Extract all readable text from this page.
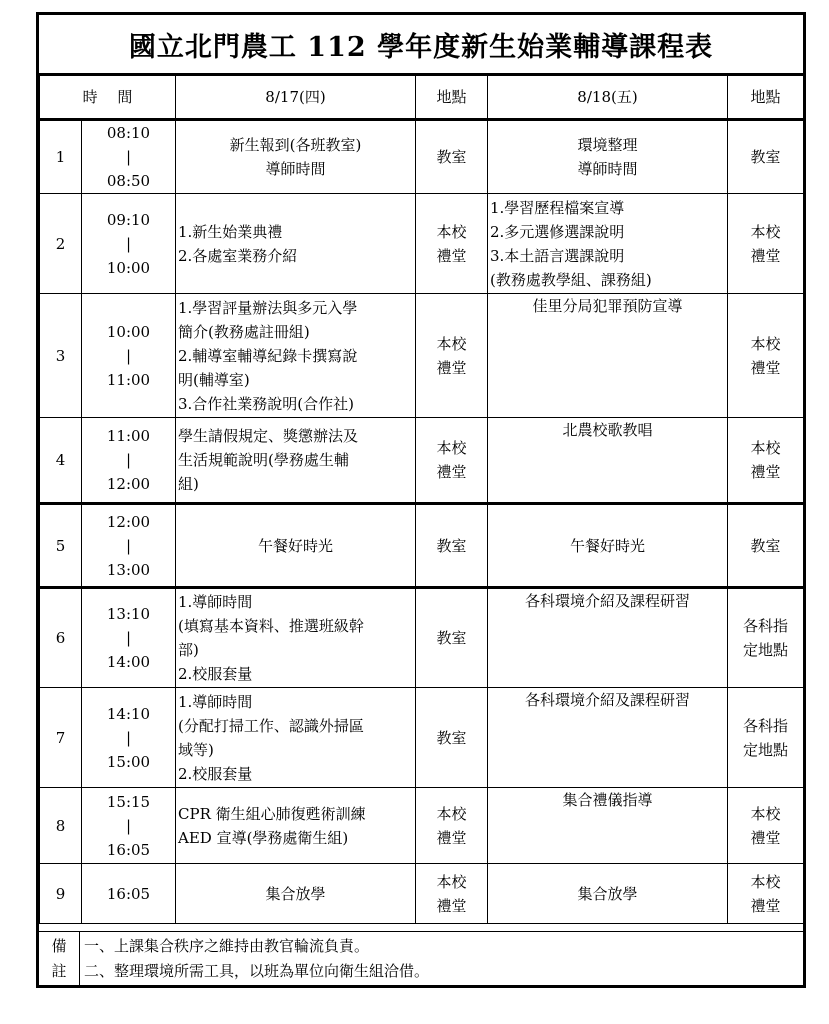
國立北門農工 112 學年度新生始業輔導課程表
時　 間		8/17(四)	地點	8/18(五)	地點
1	08:10
|
08:50	新生報到(各班教室)
導師時間	教室	環境整理
導師時間	教室
2	09:10
|
10:00	1.新生始業典禮
2.各處室業務介紹	本校
禮堂	1.學習歷程檔案宣導
2.多元選修選課說明
3.本土語言選課說明
(教務處教學組、課務組)	本校
禮堂
3	10:00
|
11:00	1.學習評量辦法與多元入學
簡介(教務處註冊組)
2.輔導室輔導紀錄卡撰寫說
明(輔導室)
3.合作社業務說明(合作社)	本校
禮堂	佳里分局犯罪預防宣導	本校
禮堂
4	11:00
|
12:00	學生請假規定、獎懲辦法及
生活規範說明(學務處生輔
組)	本校
禮堂	北農校歌教唱	本校
禮堂
5	12:00
|
13:00	午餐好時光	教室	午餐好時光	教室
6	13:10
|
14:00	1.導師時間
(填寫基本資料、推選班級幹
部)
2.校服套量	教室	各科環境介紹及課程研習	各科指
定地點
7	14:10
|
15:00	1.導師時間
(分配打掃工作、認識外掃區
域等)
2.校服套量	教室	各科環境介紹及課程研習	各科指
定地點
8	15:15
|
16:05	CPR 衛生組心肺復甦術訓練
AED 宣導(學務處衛生組)	本校
禮堂	集合禮儀指導	本校
禮堂
9	16:05	集合放學	本校
禮堂	集合放學	本校
禮堂
備
註
一、上課集合秩序之維持由教官輪流負責。
二、整理環境所需工具，以班為單位向衛生組洽借。
